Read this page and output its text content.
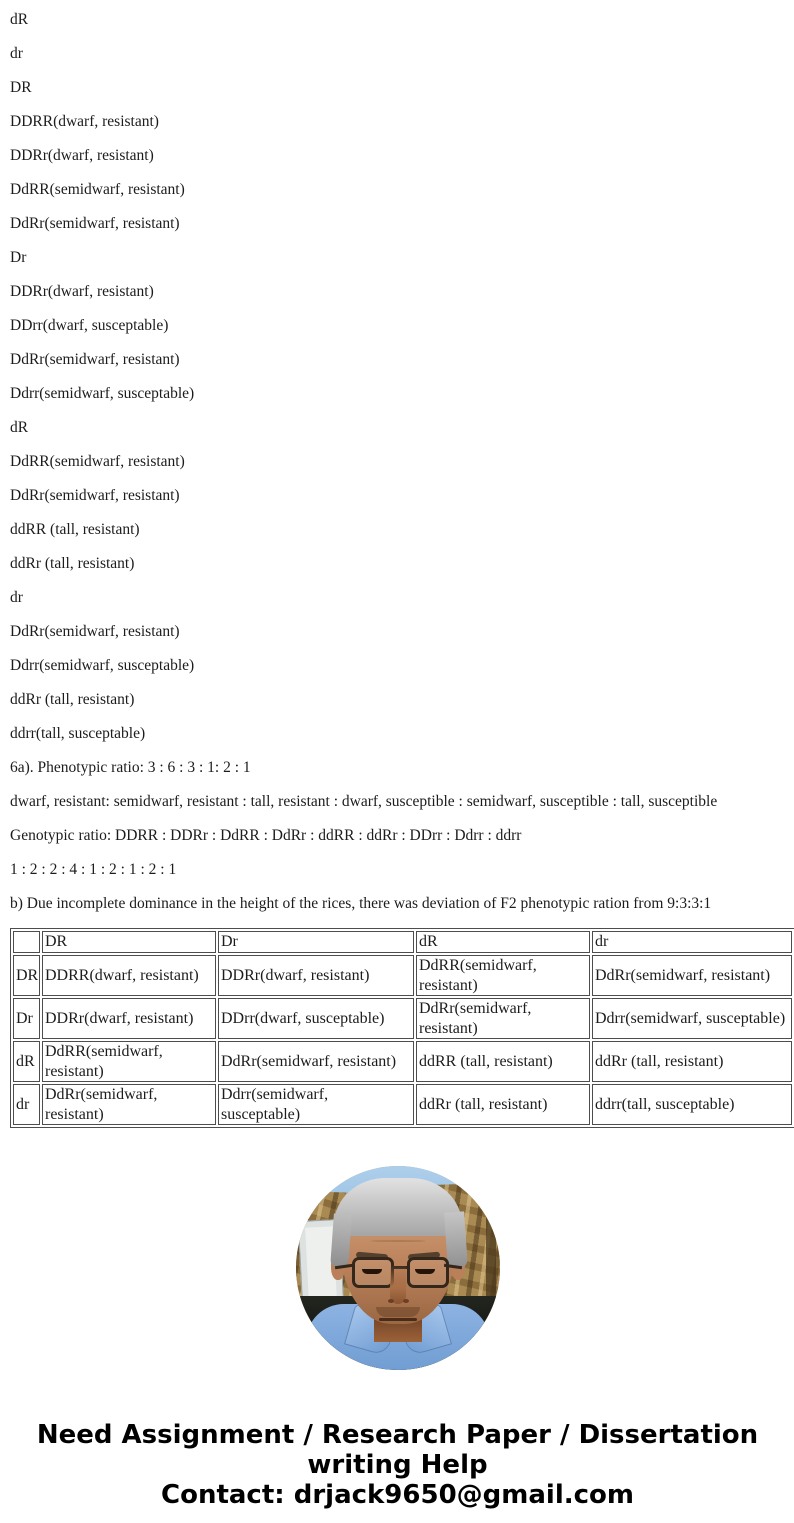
dR

dr

DR

DDRR(dwarf, resistant)

DDRr(dwarf, resistant)

DdRR(semidwarf, resistant)

DdRr(semidwarf, resistant)

Dr

DDRr(dwarf, resistant)

DDrr(dwarf, susceptable)

DdRr(semidwarf, resistant)

Ddrr(semidwarf, susceptable)

dR

DdRR(semidwarf, resistant)

DdRr(semidwarf, resistant)

ddRR (tall, resistant)

ddRr (tall, resistant)

dr

DdRr(semidwarf, resistant)

Ddrr(semidwarf, susceptable)

ddRr (tall, resistant)

ddrr(tall, susceptable)

6a). Phenotypic ratio: 3 : 6 : 3 : 1: 2 : 1

dwarf, resistant: semidwarf, resistant : tall, resistant : dwarf, susceptible : semidwarf, susceptible : tall, susceptible

Genotypic ratio: DDRR : DDRr : DdRR : DdRr : ddRR : ddRr : DDrr : Ddrr : ddrr

1 : 2 : 2 : 4 : 1 : 2 : 1 : 2 : 1

b) Due incomplete dominance in the height of the rices, there was deviation of F2 phenotypic ration from 9:3:3:1

	DR	Dr	dR	dr
DR	DDRR(dwarf, resistant)	DDRr(dwarf, resistant)	DdRR(semidwarf, resistant)	DdRr(semidwarf, resistant)
Dr	DDRr(dwarf, resistant)	DDrr(dwarf, susceptable)	DdRr(semidwarf, resistant)	Ddrr(semidwarf, susceptable)
dR	DdRR(semidwarf, resistant)	DdRr(semidwarf, resistant)	ddRR (tall, resistant)	ddRr (tall, resistant)
dr	DdRr(semidwarf, resistant)	Ddrr(semidwarf, susceptable)	ddRr (tall, resistant)	ddrr(tall, susceptable)
Need Assignment / Research Paper / Dissertation
writing Help
Contact: drjack9650@gmail.com
